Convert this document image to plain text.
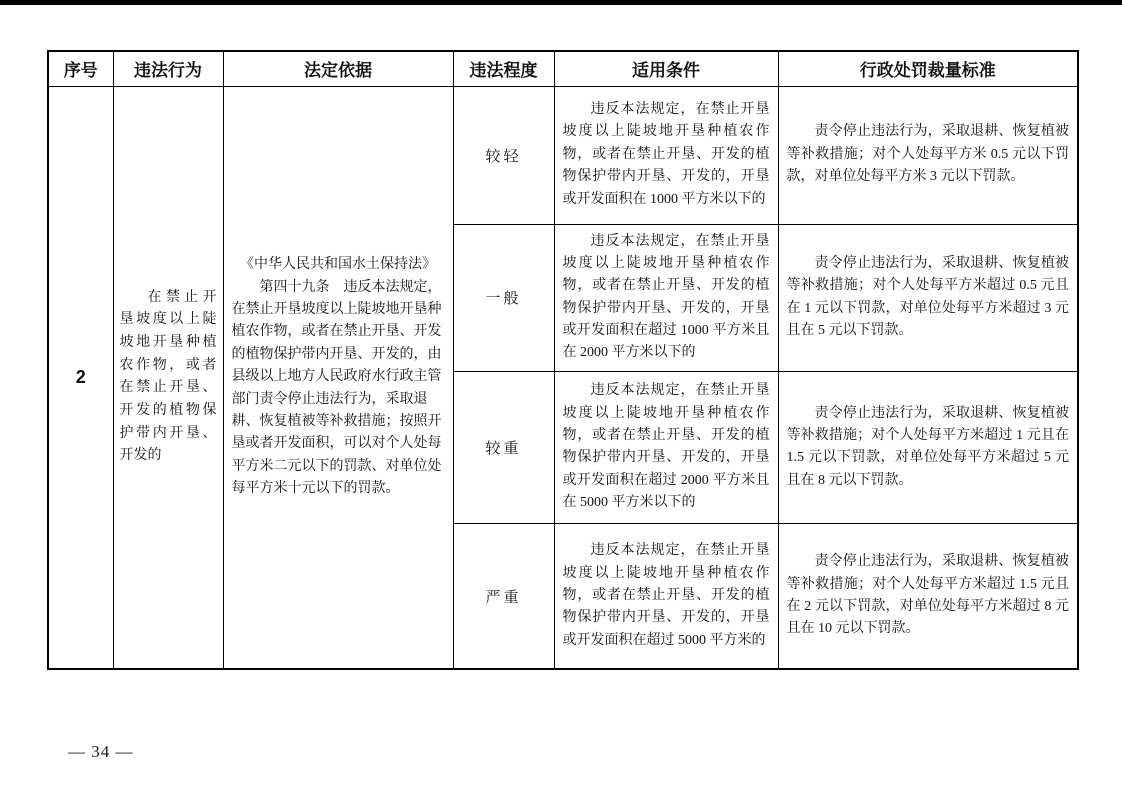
序号	违法行为	法定依据	违法程度	适用条件	行政处罚裁量标准
2	在禁止开垦坡度以上陡坡地开垦种植农作物，或者在禁止开垦、开发的植物保护带内开垦、开发的	《中华人民共和国水土保持法》

第四十九条　违反本法规定，在禁止开垦坡度以上陡坡地开垦种植农作物，或者在禁止开垦、开发的植物保护带内开垦、开发的，由县级以上地方人民政府水行政主管部门责令停止违法行为，采取退耕、恢复植被等补救措施；按照开垦或者开发面积，可以对个人处每平方米二元以下的罚款、对单位处每平方米十元以下的罚款。	较轻	违反本法规定，在禁止开垦坡度以上陡坡地开垦种植农作物，或者在禁止开垦、开发的植物保护带内开垦、开发的，开垦或开发面积在 1000 平方米以下的	责令停止违法行为，采取退耕、恢复植被等补救措施；对个人处每平方米 0.5 元以下罚款，对单位处每平方米 3 元以下罚款。

			一般	违反本法规定，在禁止开垦坡度以上陡坡地开垦种植农作物，或者在禁止开垦、开发的植物保护带内开垦、开发的，开垦或开发面积在超过 1000 平方米且在 2000 平方米以下的	责令停止违法行为，采取退耕、恢复植被等补救措施；对个人处每平方米超过 0.5 元且在 1 元以下罚款，对单位处每平方米超过 3 元且在 5 元以下罚款。

			较重	违反本法规定，在禁止开垦坡度以上陡坡地开垦种植农作物，或者在禁止开垦、开发的植物保护带内开垦、开发的，开垦或开发面积在超过 2000 平方米且在 5000 平方米以下的	责令停止违法行为，采取退耕、恢复植被等补救措施；对个人处每平方米超过 1 元且在 1.5 元以下罚款，对单位处每平方米超过 5 元且在 8 元以下罚款。

			严重	违反本法规定，在禁止开垦坡度以上陡坡地开垦种植农作物，或者在禁止开垦、开发的植物保护带内开垦、开发的，开垦或开发面积在超过 5000 平方米的	责令停止违法行为，采取退耕、恢复植被等补救措施；对个人处每平方米超过 1.5 元且在 2 元以下罚款，对单位处每平方米超过 8 元且在 10 元以下罚款。

— 34 —
